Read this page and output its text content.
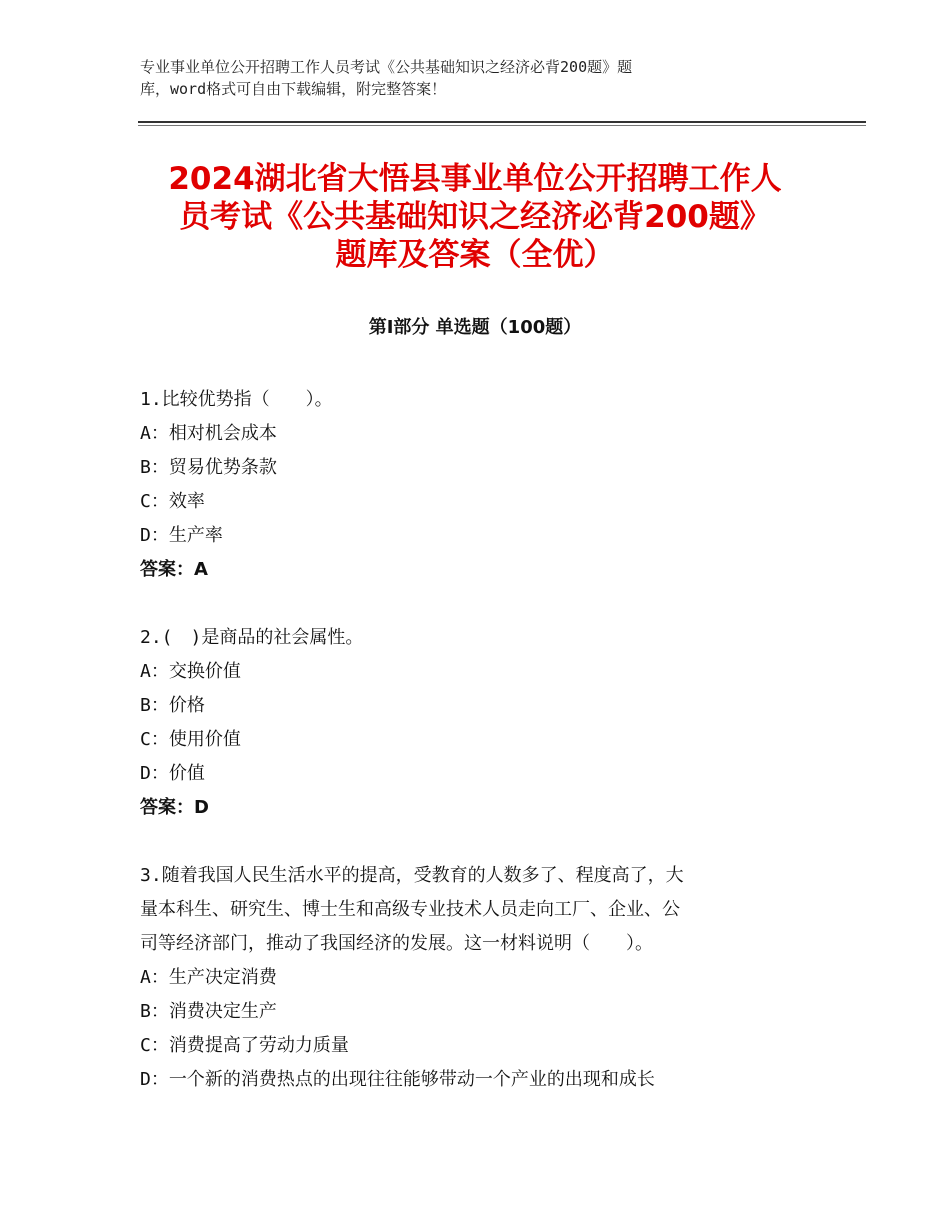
专业事业单位公开招聘工作人员考试《公共基础知识之经济必背200题》题
库，word格式可自由下载编辑，附完整答案！
2024湖北省大悟县事业单位公开招聘工作人
员考试《公共基础知识之经济必背200题》
题库及答案（全优）
第Ⅰ部分 单选题（100题）
1.比较优势指（　　）。
A：相对机会成本
B：贸易优势条款
C：效率
D：生产率
答案：A
2.(　)是商品的社会属性。
A：交换价值
B：价格
C：使用价值
D：价值
答案：D
3.随着我国人民生活水平的提高，受教育的人数多了、程度高了，大
量本科生、研究生、博士生和高级专业技术人员走向工厂、企业、公
司等经济部门，推动了我国经济的发展。这一材料说明（　　）。
A：生产决定消费
B：消费决定生产
C：消费提高了劳动力质量
D：一个新的消费热点的出现往往能够带动一个产业的出现和成长
